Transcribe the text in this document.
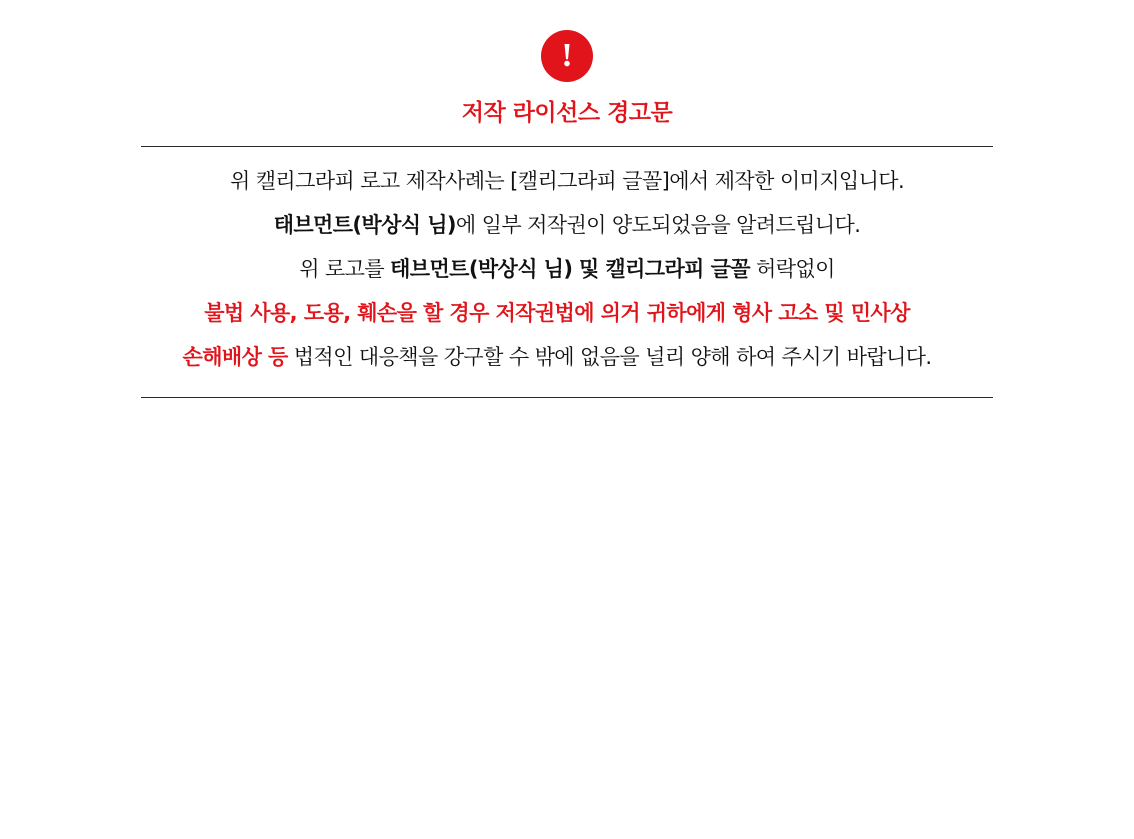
!
저작 라이선스 경고문
위 캘리그라피 로고 제작사례는 [캘리그라피 글꼴]에서 제작한 이미지입니다.
태브먼트(박상식 님)에 일부 저작권이 양도되었음을 알려드립니다.
위 로고를 태브먼트(박상식 님) 및 캘리그라피 글꼴 허락없이
불법 사용, 도용, 훼손을 할 경우 저작권법에 의거 귀하에게 형사 고소 및 민사상
손해배상 등 법적인 대응책을 강구할 수 밖에 없음을 널리 양해 하여 주시기 바랍니다.
